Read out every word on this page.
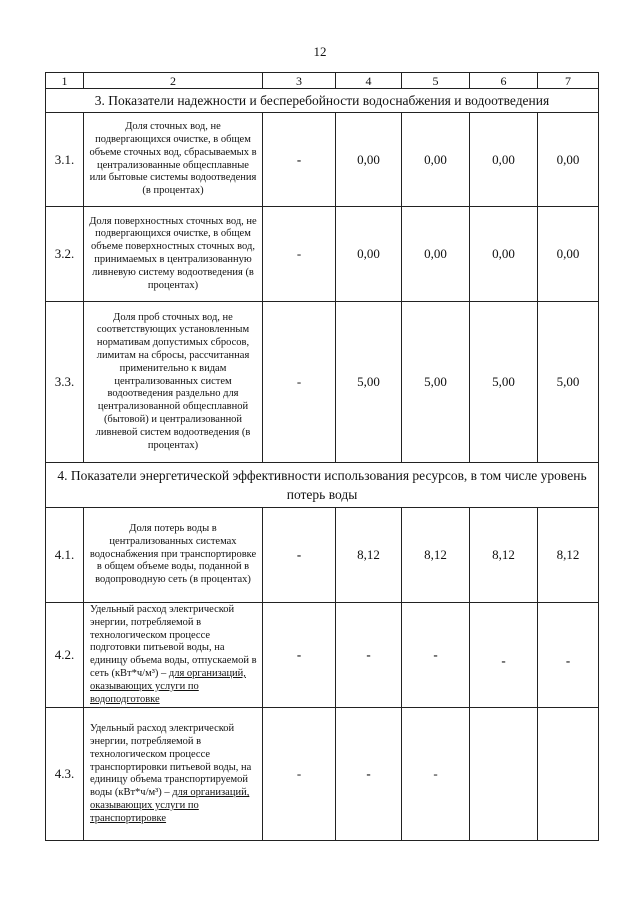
12
1	2	3	4	5	6	7
3. Показатели надежности и бесперебойности водоснабжения и водоотведения						
3.1.	Доля сточных вод, не подвергающихся очистке, в общем объеме сточных вод, сбрасываемых в централизованные общесплавные или бытовые системы водоотведения (в процентах)	-	0,00	0,00	0,00	0,00
3.2.	Доля поверхностных сточных вод, не подвергающихся очистке, в общем объеме поверхностных сточных вод, принимаемых в централизованную ливневую систему водоотведения (в процентах)	-	0,00	0,00	0,00	0,00
3.3.	Доля проб сточных вод, не соответствующих установленным нормативам допустимых сбросов, лимитам на сбросы, рассчитанная применительно к видам централизованных систем водоотведения раздельно для централизованной общесплавной (бытовой) и централизованной ливневой систем водоотведения (в процентах)	-	5,00	5,00	5,00	5,00
4. Показатели энергетической эффективности использования ресурсов, в том числе уровень потерь воды						
4.1.	Доля потерь воды в централизованных системах водоснабжения при транспортировке в общем объеме воды, поданной в водопроводную сеть (в процентах)	-	8,12	8,12	8,12	8,12
4.2.	Удельный расход электрической энергии, потребляемой в технологическом процессе подготовки питьевой воды, на единицу объема воды, отпускаемой в сеть (кВт*ч/м³) – для организаций, оказывающих услуги по водоподготовке	-	-	-	-	-
4.3.	Удельный расход электрической энергии, потребляемой в технологическом процессе транспортировки питьевой воды, на единицу объема транспортируемой воды (кВт*ч/м³) – для организаций, оказывающих услуги по транспортировке	-	-	-		
